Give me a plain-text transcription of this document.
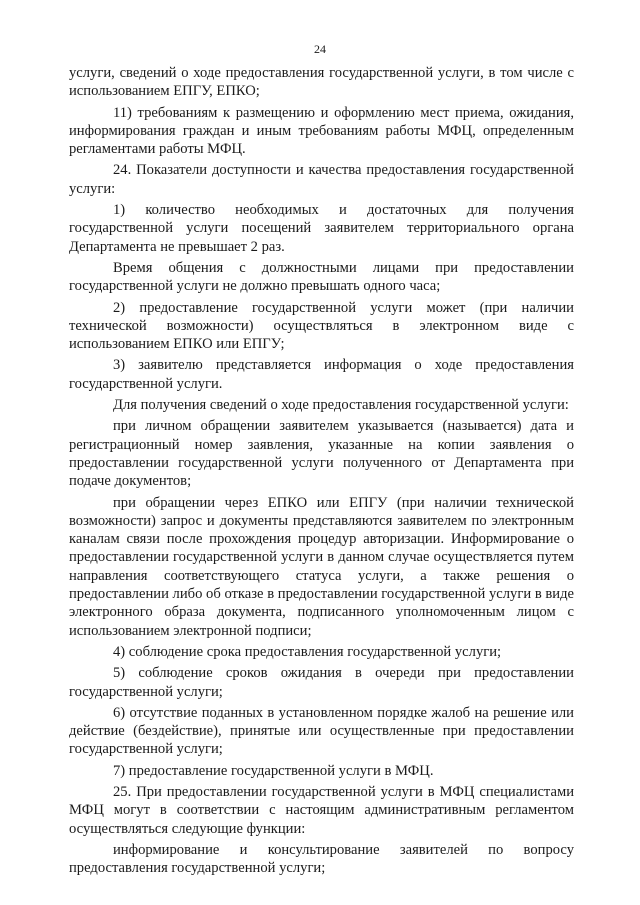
24

услуги, сведений о ходе предоставления государственной услуги, в том числе с использованием ЕПГУ, ЕПКО;

11) требованиям к размещению и оформлению мест приема, ожидания, информирования граждан и иным требованиям работы МФЦ, определенным регламентами работы МФЦ.

24. Показатели доступности и качества предоставления государственной услуги:

1) количество необходимых и достаточных для получения государственной услуги посещений заявителем территориального органа Департамента не превышает 2 раз.

Время общения с должностными лицами при предоставлении государственной услуги не должно превышать одного часа;

2) предоставление государственной услуги может (при наличии технической возможности) осуществляться в электронном виде с использованием ЕПКО или ЕПГУ;

3) заявителю представляется информация о ходе предоставления государственной услуги.

Для получения сведений о ходе предоставления государственной услуги:

при личном обращении заявителем указывается (называется) дата и регистрационный номер заявления, указанные на копии заявления о предоставлении государственной услуги полученного от Департамента при подаче документов;

при обращении через ЕПКО или ЕПГУ (при наличии технической возможности) запрос и документы представляются заявителем по электронным каналам связи после прохождения процедур авторизации. Информирование о предоставлении государственной услуги в данном случае осуществляется путем направления соответствующего статуса услуги, а также решения о предоставлении либо об отказе в предоставлении государственной услуги в виде электронного образа документа, подписанного уполномоченным лицом с использованием электронной подписи;

4) соблюдение срока предоставления государственной услуги;

5) соблюдение сроков ожидания в очереди при предоставлении государственной услуги;

6) отсутствие поданных в установленном порядке жалоб на решение или действие (бездействие), принятые или осуществленные при предоставлении государственной услуги;

7) предоставление государственной услуги в МФЦ.

25. При предоставлении государственной услуги в МФЦ специалистами МФЦ могут в соответствии с настоящим административным регламентом осуществляться следующие функции:

информирование и консультирование заявителей по вопросу предоставления государственной услуги;
